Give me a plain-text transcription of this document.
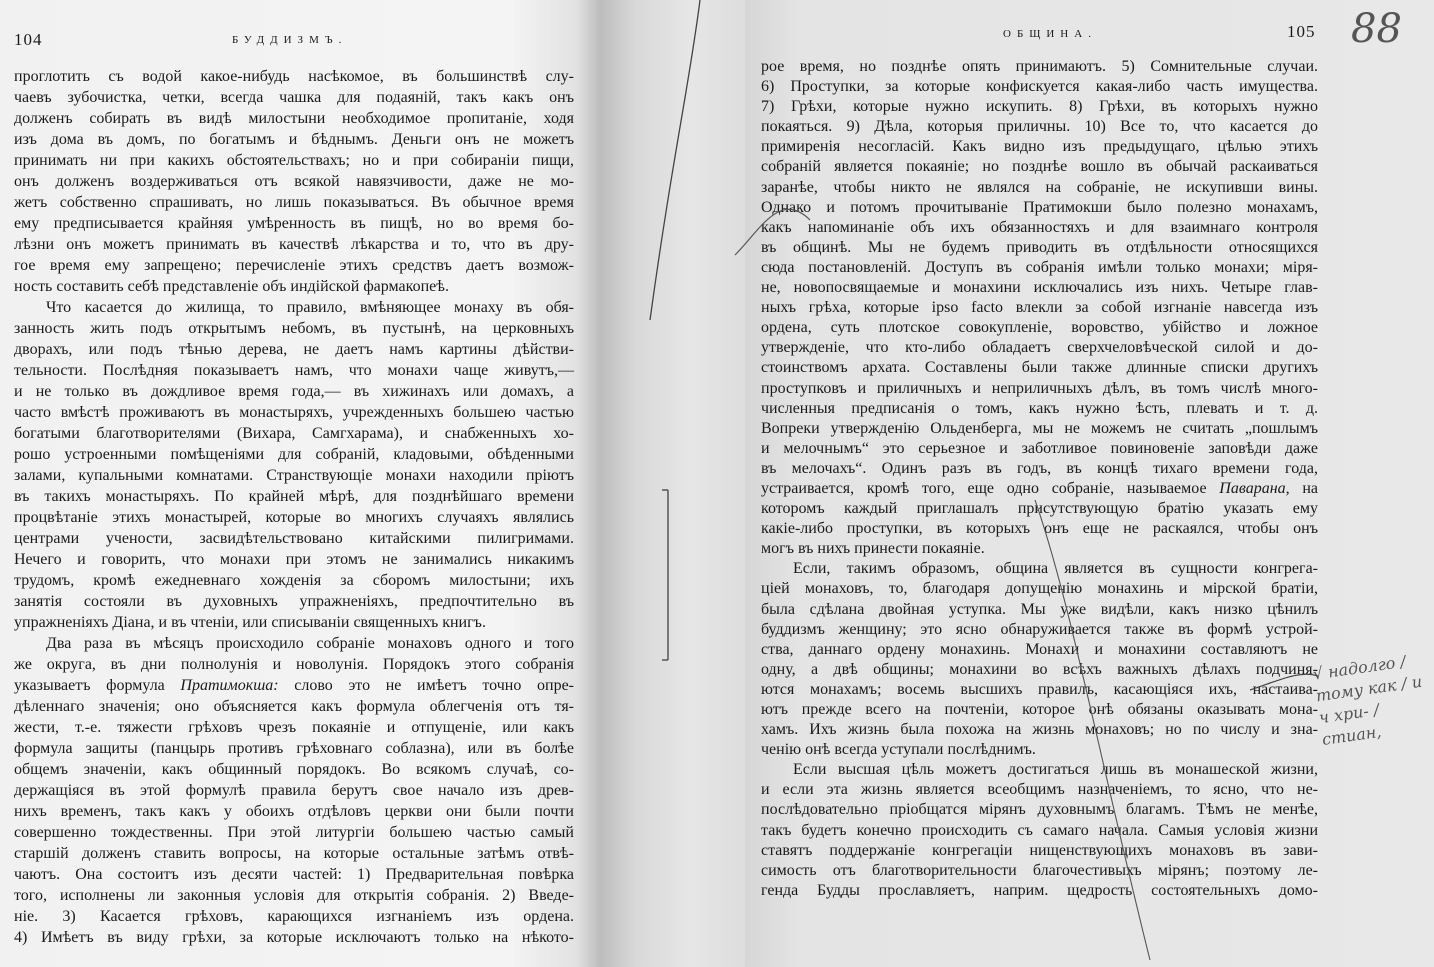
104	БУДДИЗМЪ.
проглотить съ водой какое-нибудь насѣкомое, въ большинствѣ слу-
чаевъ зубочистка, четки, всегда чашка для подаяній, такъ какъ онъ
долженъ собирать въ видѣ милостыни необходимое пропитаніе, ходя
изъ дома въ домъ, по богатымъ и бѣднымъ. Деньги онъ не можетъ
принимать ни при какихъ обстоятельствахъ; но и при собираніи пищи,
онъ долженъ воздерживаться отъ всякой навязчивости, даже не мо-
жетъ собственно спрашивать, но лишь показываться. Въ обычное время
ему предписывается крайняя умѣренность въ пищѣ, но во время бо-
лѣзни онъ можетъ принимать въ качествѣ лѣкарства и то, что въ дру-
гое время ему запрещено; перечисленіе этихъ средствъ даетъ возмож-
ность составить себѣ представленіе объ индійской фармакопеѣ.
Что касается до жилища, то правило, вмѣняющее монаху въ обя-
занность жить подъ открытымъ небомъ, въ пустынѣ, на церковныхъ
дворахъ, или подъ тѣнью дерева, не даетъ намъ картины дѣйстви-
тельности. Послѣдняя показываетъ намъ, что монахи чаще живутъ,—
и не только въ дождливое время года,— въ хижинахъ или домахъ, а
часто вмѣстѣ проживаютъ въ монастыряхъ, учрежденныхъ большею частью
богатыми благотворителями (Вихара, Самгхарама), и снабженныхъ хо-
рошо устроенными помѣщеніями для собраній, кладовыми, обѣденными
залами, купальными комнатами. Странствующіе монахи находили пріютъ
въ такихъ монастыряхъ. По крайней мѣрѣ, для позднѣйшаго времени
процвѣтаніе этихъ монастырей, которые во многихъ случаяхъ являлись
центрами учености, засвидѣтельствовано китайскими пилигримами.
Нечего и говорить, что монахи при этомъ не занимались никакимъ
трудомъ, кромѣ ежедневнаго хожденія за сборомъ милостыни; ихъ
занятія состояли въ духовныхъ упражненіяхъ, предпочтительно въ
упражненіяхъ Діана, и въ чтеніи, или списываніи священныхъ книгъ.
Два раза въ мѣсяцъ происходило собраніе монаховъ одного и того
же округа, въ дни полнолунія и новолунія. Порядокъ этого собранія
указываетъ формула Пратимокша: слово это не имѣетъ точно опре-
дѣленнаго значенія; оно объясняется какъ формула облегченія отъ тя-
жести, т.-е. тяжести грѣховъ чрезъ покаяніе и отпущеніе, или какъ
формула защиты (панцырь противъ грѣховнаго соблазна), или въ болѣе
общемъ значеніи, какъ общинный порядокъ. Во всякомъ случаѣ, со-
держащіяся въ этой формулѣ правила берутъ свое начало изъ древ-
нихъ временъ, такъ какъ у обоихъ отдѣловъ церкви они были почти
совершенно тождественны. При этой литургіи большею частью самый
старшій долженъ ставить вопросы, на которые остальные затѣмъ отвѣ-
чаютъ. Она состоитъ изъ десяти частей: 1) Предварительная повѣрка
того, исполнены ли законныя условія для открытія собранія. 2) Введе-
ніе. 3) Касается грѣховъ, карающихся изгнаніемъ изъ ордена.
4) Имѣетъ въ виду грѣхи, за которые исключаютъ только на нѣкото-
ОБЩИНА.	105 88
√ надолго / тому как / и ч хри- / стиан,
рое время, но позднѣе опять принимаютъ. 5) Сомнительные случаи.
6) Проступки, за которые конфискуется какая-либо часть имущества.
7) Грѣхи, которые нужно искупить. 8) Грѣхи, въ которыхъ нужно
покаяться. 9) Дѣла, которыя приличны. 10) Все то, что касается до
примиренія несогласій. Какъ видно изъ предыдущаго, цѣлью этихъ
собраній является покаяніе; но позднѣе вошло въ обычай раскаиваться
заранѣе, чтобы никто не являлся на собраніе, не искупивши вины.
Однако и потомъ прочитываніе Пратимокши было полезно монахамъ,
какъ напоминаніе объ ихъ обязанностяхъ и для взаимнаго контроля
въ общинѣ. Мы не будемъ приводить въ отдѣльности относящихся
сюда постановленій. Доступъ въ собранія имѣли только монахи; міря-
не, новопосвящаемые и монахини исключались изъ нихъ. Четыре глав-
ныхъ грѣха, которые ipso facto влекли за собой изгнаніе навсегда изъ
ордена, суть плотское совокупленіе, воровство, убійство и ложное
утвержденіе, что кто-либо обладаетъ сверхчеловѣческой силой и до-
стоинствомъ архата. Составлены были также длинные списки другихъ
проступковъ и приличныхъ и неприличныхъ дѣлъ, въ томъ числѣ много-
численныя предписанія о томъ, какъ нужно ѣсть, плевать и т. д.
Вопреки утвержденію Ольденберга, мы не можемъ не считать „пошлымъ
и мелочнымъ“ это серьезное и заботливое повиновеніе заповѣди даже
въ мелочахъ“. Одинъ разъ въ годъ, въ концѣ тихаго времени года,
устраивается, кромѣ того, еще одно собраніе, называемое Паварана, на
которомъ каждый приглашалъ присутствующую братію указать ему
какіе-либо проступки, въ которыхъ онъ еще не раскаялся, чтобы онъ
могъ въ нихъ принести покаяніе.
Если, такимъ образомъ, община является въ сущности конгрега-
ціей монаховъ, то, благодаря допущенію монахинь и мірской братіи,
была сдѣлана двойная уступка. Мы уже видѣли, какъ низко цѣнилъ
буддизмъ женщину; это ясно обнаруживается также въ формѣ устрой-
ства, даннаго ордену монахинь. Монахи и монахини составляютъ не
одну, а двѣ общины; монахини во всѣхъ важныхъ дѣлахъ подчиня-
ются монахамъ; восемь высшихъ правилъ, касающіяся ихъ, настаива-
ютъ прежде всего на почтеніи, которое онѣ обязаны оказывать мона-
хамъ. Ихъ жизнь была похожа на жизнь монаховъ; но по числу и зна-
ченію онѣ всегда уступали послѣднимъ.
Если высшая цѣль можетъ достигаться лишь въ монашеской жизни,
и если эта жизнь является всеобщимъ назначеніемъ, то ясно, что не-
послѣдовательно пріобщатся мірянъ духовнымъ благамъ. Тѣмъ не менѣе,
такъ будетъ конечно происходить съ самаго начала. Самыя условія жизни
ставятъ поддержаніе конгрегаціи нищенствующихъ монаховъ въ зави-
симость отъ благотворительности благочестивыхъ мірянъ; поэтому ле-
генда Будды прославляетъ, наприм. щедрость состоятельныхъ домо-
